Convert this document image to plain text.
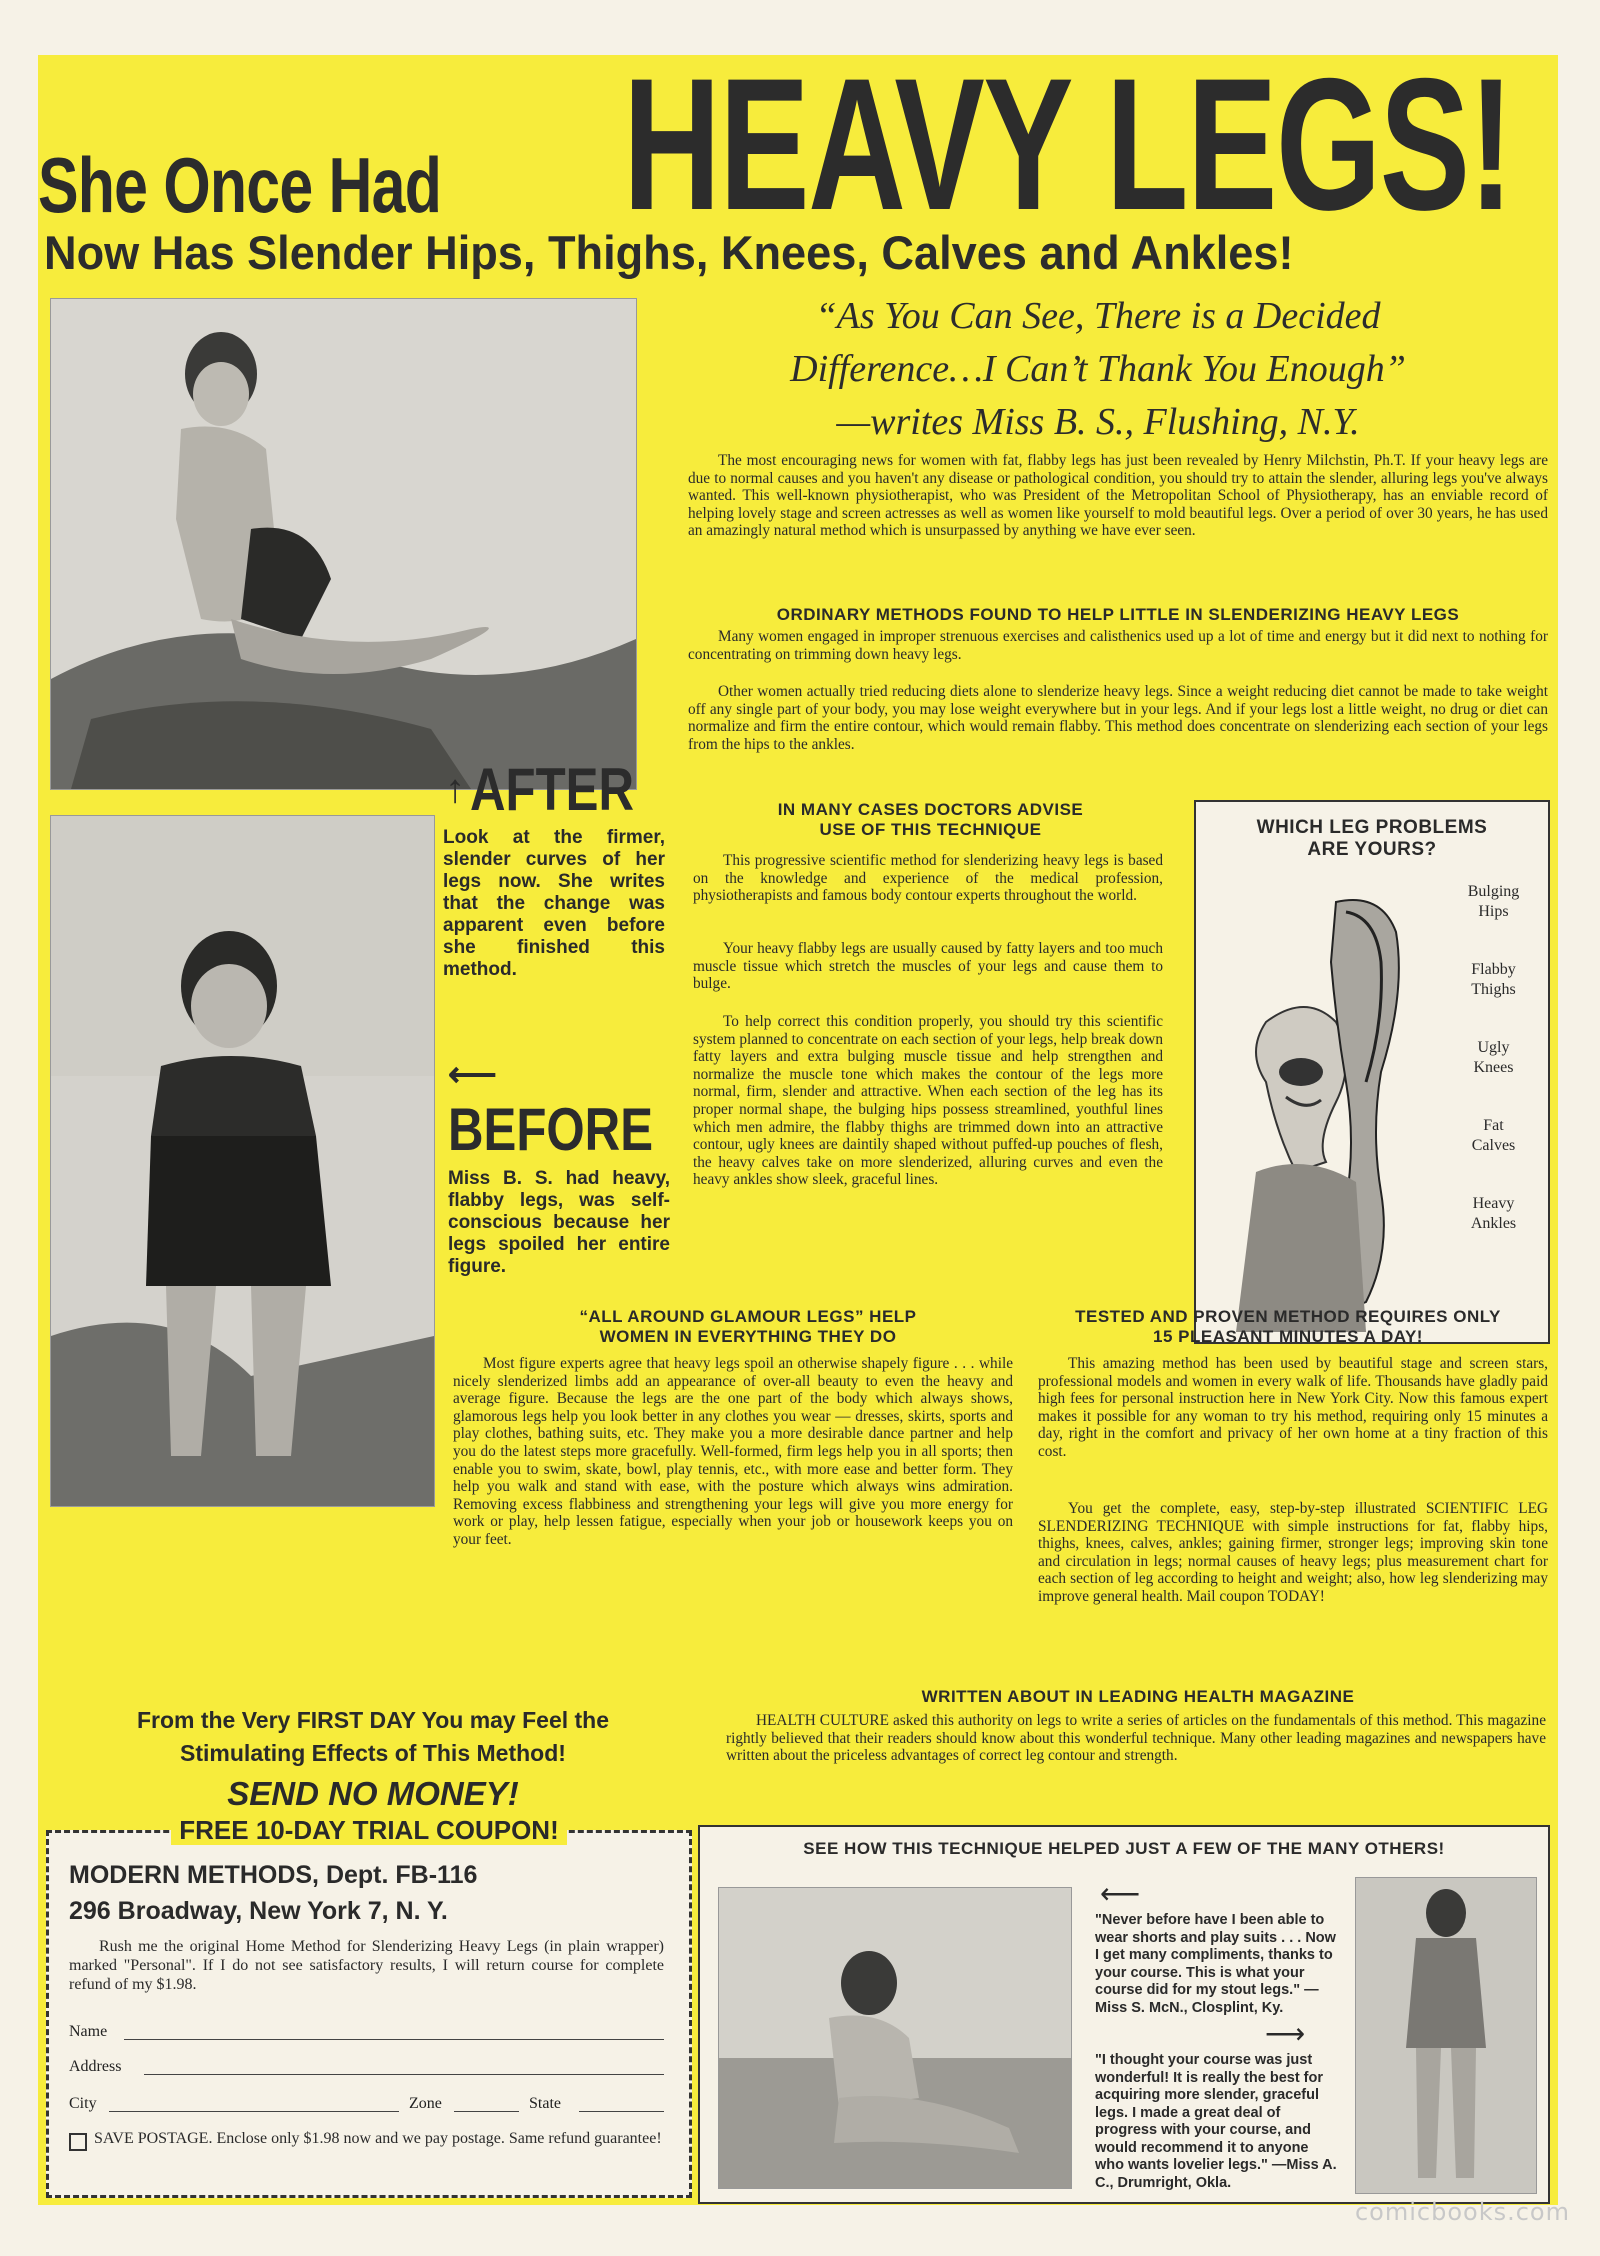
She Once Had HEAVY LEGS!
Now Has Slender Hips, Thighs, Knees, Calves and Ankles!
“As You Can See, There is a Decided
Difference…I Can’t Thank You Enough”
—writes Miss B. S., Flushing, N.Y.
The most encouraging news for women with fat, flabby legs has just been revealed by Henry Milchstin, Ph.T. If your heavy legs are due to normal causes and you haven't any disease or pathological condition, you should try to attain the slender, alluring legs you've always wanted. This well-known physiotherapist, who was President of the Metropolitan School of Physiotherapy, has an enviable record of helping lovely stage and screen actresses as well as women like yourself to mold beautiful legs. Over a period of over 30 years, he has used an amazingly natural method which is unsurpassed by anything we have ever seen.
ORDINARY METHODS FOUND TO HELP LITTLE IN SLENDERIZING HEAVY LEGS
Many women engaged in improper strenuous exercises and calisthenics used up a lot of time and energy but it did next to nothing for concentrating on trimming down heavy legs.
Other women actually tried reducing diets alone to slenderize heavy legs. Since a weight reducing diet cannot be made to take weight off any single part of your body, you may lose weight everywhere but in your legs. And if your legs lost a little weight, no drug or diet can normalize and firm the entire contour, which would remain flabby. This method does concentrate on slenderizing each section of your legs from the hips to the ankles.
↑ AFTER
Look at the firmer, slender curves of her legs now. She writes that the change was apparent even before she finished this method.
⟵
BEFORE
Miss B. S. had heavy, flabby legs, was self-conscious because her legs spoiled her entire figure.
IN MANY CASES DOCTORS ADVISE
USE OF THIS TECHNIQUE
This progressive scientific method for slenderizing heavy legs is based on the knowledge and experience of the medical profession, physiotherapists and famous body contour experts throughout the world.
Your heavy flabby legs are usually caused by fatty layers and too much muscle tissue which stretch the muscles of your legs and cause them to bulge.
To help correct this condition properly, you should try this scientific system planned to concentrate on each section of your legs, help break down fatty layers and extra bulging muscle tissue and help strengthen and normalize the muscle tone which makes the contour of the legs more normal, firm, slender and attractive. When each section of the leg has its proper normal shape, the bulging hips possess streamlined, youthful lines which men admire, the flabby thighs are trimmed down into an attractive contour, ugly knees are daintily shaped without puffed-up pouches of flesh, the heavy calves take on more slenderized, alluring curves and even the heavy ankles show sleek, graceful lines.
WHICH LEG PROBLEMS
ARE YOURS?
Bulging
Hips
Flabby
Thighs
Ugly
Knees
Fat
Calves
Heavy
Ankles
“ALL AROUND GLAMOUR LEGS” HELP
WOMEN IN EVERYTHING THEY DO
Most figure experts agree that heavy legs spoil an otherwise shapely figure . . . while nicely slenderized limbs add an appearance of over-all beauty to even the heavy and average figure. Because the legs are the one part of the body which always shows, glamorous legs help you look better in any clothes you wear — dresses, skirts, sports and play clothes, bathing suits, etc. They make you a more desirable dance partner and help you do the latest steps more gracefully. Well-formed, firm legs help you in all sports; then enable you to swim, skate, bowl, play tennis, etc., with more ease and better form. They help you walk and stand with ease, with the posture which always wins admiration. Removing excess flabbiness and strengthening your legs will give you more energy for work or play, help lessen fatigue, especially when your job or housework keeps you on your feet.
TESTED AND PROVEN METHOD REQUIRES ONLY
15 PLEASANT MINUTES A DAY!
This amazing method has been used by beautiful stage and screen stars, professional models and women in every walk of life. Thousands have gladly paid high fees for personal instruction here in New York City. Now this famous expert makes it possible for any woman to try his method, requiring only 15 minutes a day, right in the comfort and privacy of her own home at a tiny fraction of this cost.
You get the complete, easy, step-by-step illustrated SCIENTIFIC LEG SLENDERIZING TECHNIQUE with simple instructions for fat, flabby hips, thighs, knees, calves, ankles; gaining firmer, stronger legs; improving skin tone and circulation in legs; normal causes of heavy legs; plus measurement chart for each section of leg according to height and weight; also, how leg slenderizing may improve general health. Mail coupon TODAY!
WRITTEN ABOUT IN LEADING HEALTH MAGAZINE
HEALTH CULTURE asked this authority on legs to write a series of articles on the fundamentals of this method. This magazine rightly believed that their readers should know about this wonderful technique. Many other leading magazines and newspapers have written about the priceless advantages of correct leg contour and strength.
From the Very FIRST DAY You may Feel the
Stimulating Effects of This Method!
SEND NO MONEY!
FREE 10-DAY TRIAL COUPON!
MODERN METHODS, Dept. FB-116
296 Broadway, New York 7, N. Y.
Rush me the original Home Method for Slenderizing Heavy Legs (in plain wrapper) marked "Personal". If I do not see satisfactory results, I will return course for complete refund of my $1.98.
Name
Address
City	Zone	State
SAVE POSTAGE. Enclose only $1.98 now and we pay postage. Same refund guarantee!
SEE HOW THIS TECHNIQUE HELPED JUST A FEW OF THE MANY OTHERS!
⟵
"Never before have I been able to wear shorts and play suits . . . Now I get many compliments, thanks to your course. This is what your course did for my stout legs." —Miss S. McN., Closplint, Ky.
⟶
"I thought your course was just wonderful! It is really the best for acquiring more slender, graceful legs. I made a great deal of progress with your course, and would recommend it to anyone who wants lovelier legs." —Miss A. C., Drumright, Okla.
comicbooks.com
